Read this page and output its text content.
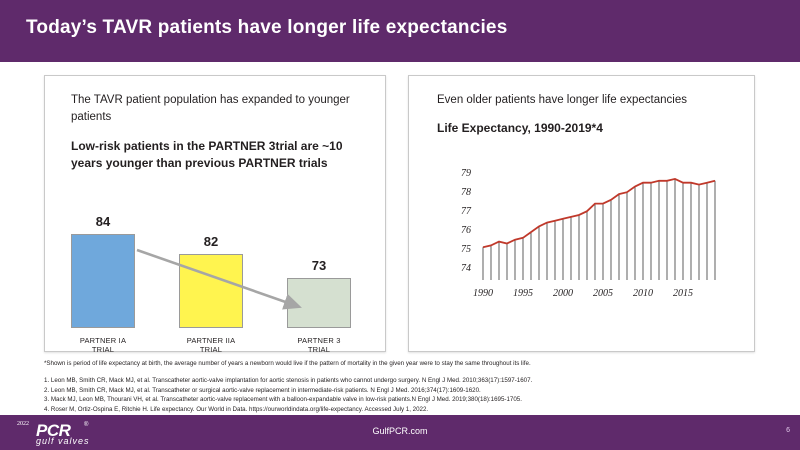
Today’s TAVR patients have longer life expectancies
The TAVR patient population has expanded to younger patients
Low-risk patients in the PARTNER 3trial are ~10 years younger than previous PARTNER trials
84
PARTNER IA TRIAL
82
PARTNER IIA TRIAL
73
PARTNER 3 TRIAL
Even older patients have longer life expectancies
Life Expectancy, 1990-2019*4
79
78
77
76
75
74
1990 1995 2000 2005 2010 2015
*Shown is period of life expectancy at birth, the average number of years a newborn would live if the pattern of mortality in the given year were to stay the same throughout its life.
1. Leon MB, Smith CR, Mack MJ, et al. Transcatheter aortic-valve implantation for aortic stenosis in patients who cannot undergo surgery. N Engl J Med. 2010;363(17):1597-1607.
2. Leon MB, Smith CR, Mack MJ, et al. Transcatheter or surgical aortic-valve replacement in intermediate-risk patients. N Engl J Med. 2016;374(17):1609-1620.
3. Mack MJ, Leon MB, Thourani VH, et al. Transcatheter aortic-valve replacement with a balloon-expandable valve in low-risk patients.N Engl J Med. 2019;380(18):1695-1705.
4. Roser M, Ortiz-Ospina E, Ritchie H. Life expectancy. Our World in Data. https://ourworldindata.org/life-expectancy. Accessed July 1, 2022.
2022 PCR ®
gulf valves
GulfPCR.com	6
